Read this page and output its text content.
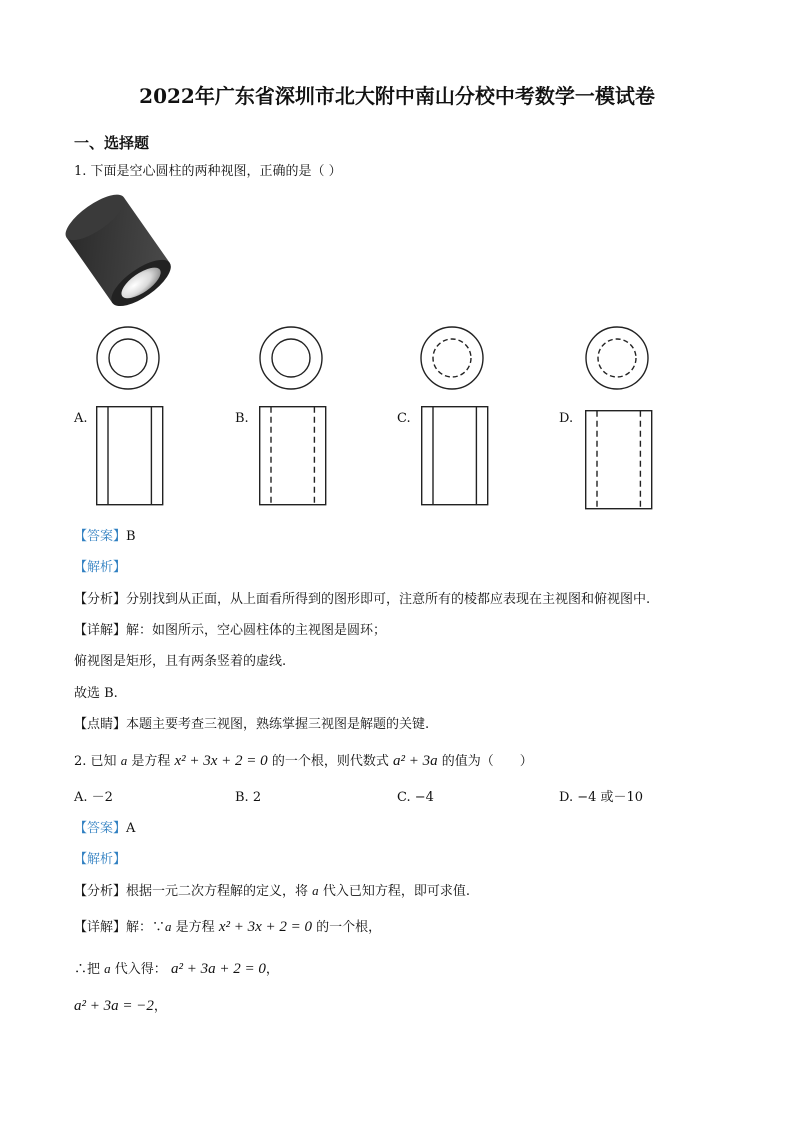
2022年广东省深圳市北大附中南山分校中考数学一模试卷
一、选择题
1. 下面是空心圆柱的两种视图，正确的是（ ）
A.	B.	C.	D.
【答案】B
【解析】
【分析】分别找到从正面，从上面看所得到的图形即可，注意所有的棱都应表现在主视图和俯视图中.
【详解】解：如图所示，空心圆柱体的主视图是圆环；
俯视图是矩形，且有两条竖着的虚线.
故选 B.
【点睛】本题主要考查三视图，熟练掌握三视图是解题的关键.
2. 已知 a 是方程 x² + 3x + 2 = 0 的一个根，则代数式 a² + 3a 的值为（　　）
A. －2	B. 2	C. −4	D. −4 或－10
【答案】A
【解析】
【分析】根据一元二次方程解的定义，将 a 代入已知方程，即可求值.
【详解】解：∵a 是方程 x² + 3x + 2 = 0 的一个根，
∴把 a 代入得： a² + 3a + 2 = 0，
a² + 3a = −2，
